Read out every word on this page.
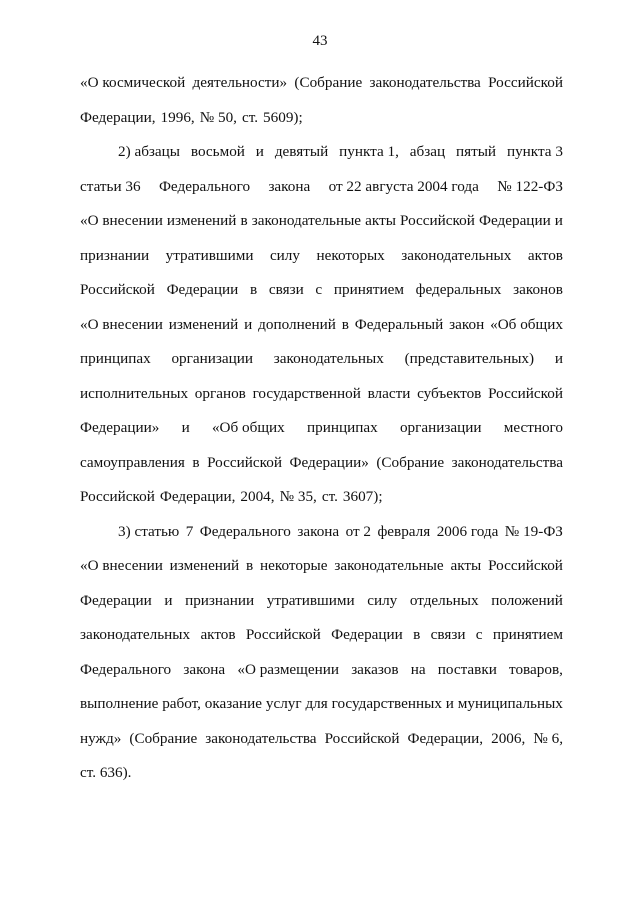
43
«О космической деятельности» (Собрание законодательства Российской
Федерации, 1996, № 50, ст. 5609);
2) абзацы восьмой и девятый пункта 1, абзац пятый пункта 3
статьи 36 Федерального закона от 22 августа 2004 года № 122-ФЗ
«О внесении изменений в законодательные акты Российской Федерации и
признании утратившими силу некоторых законодательных актов
Российской Федерации в связи с принятием федеральных законов
«О внесении изменений и дополнений в Федеральный закон «Об общих
принципах организации законодательных (представительных) и
исполнительных органов государственной власти субъектов Российской
Федерации» и «Об общих принципах организации местного
самоуправления в Российской Федерации» (Собрание законодательства
Российской Федерации, 2004, № 35, ст. 3607);
3) статью 7 Федерального закона от 2 февраля 2006 года № 19-ФЗ
«О внесении изменений в некоторые законодательные акты Российской
Федерации и признании утратившими силу отдельных положений
законодательных актов Российской Федерации в связи с принятием
Федерального закона «О размещении заказов на поставки товаров,
выполнение работ, оказание услуг для государственных и муниципальных
нужд» (Собрание законодательства Российской Федерации, 2006, № 6,
ст. 636).
